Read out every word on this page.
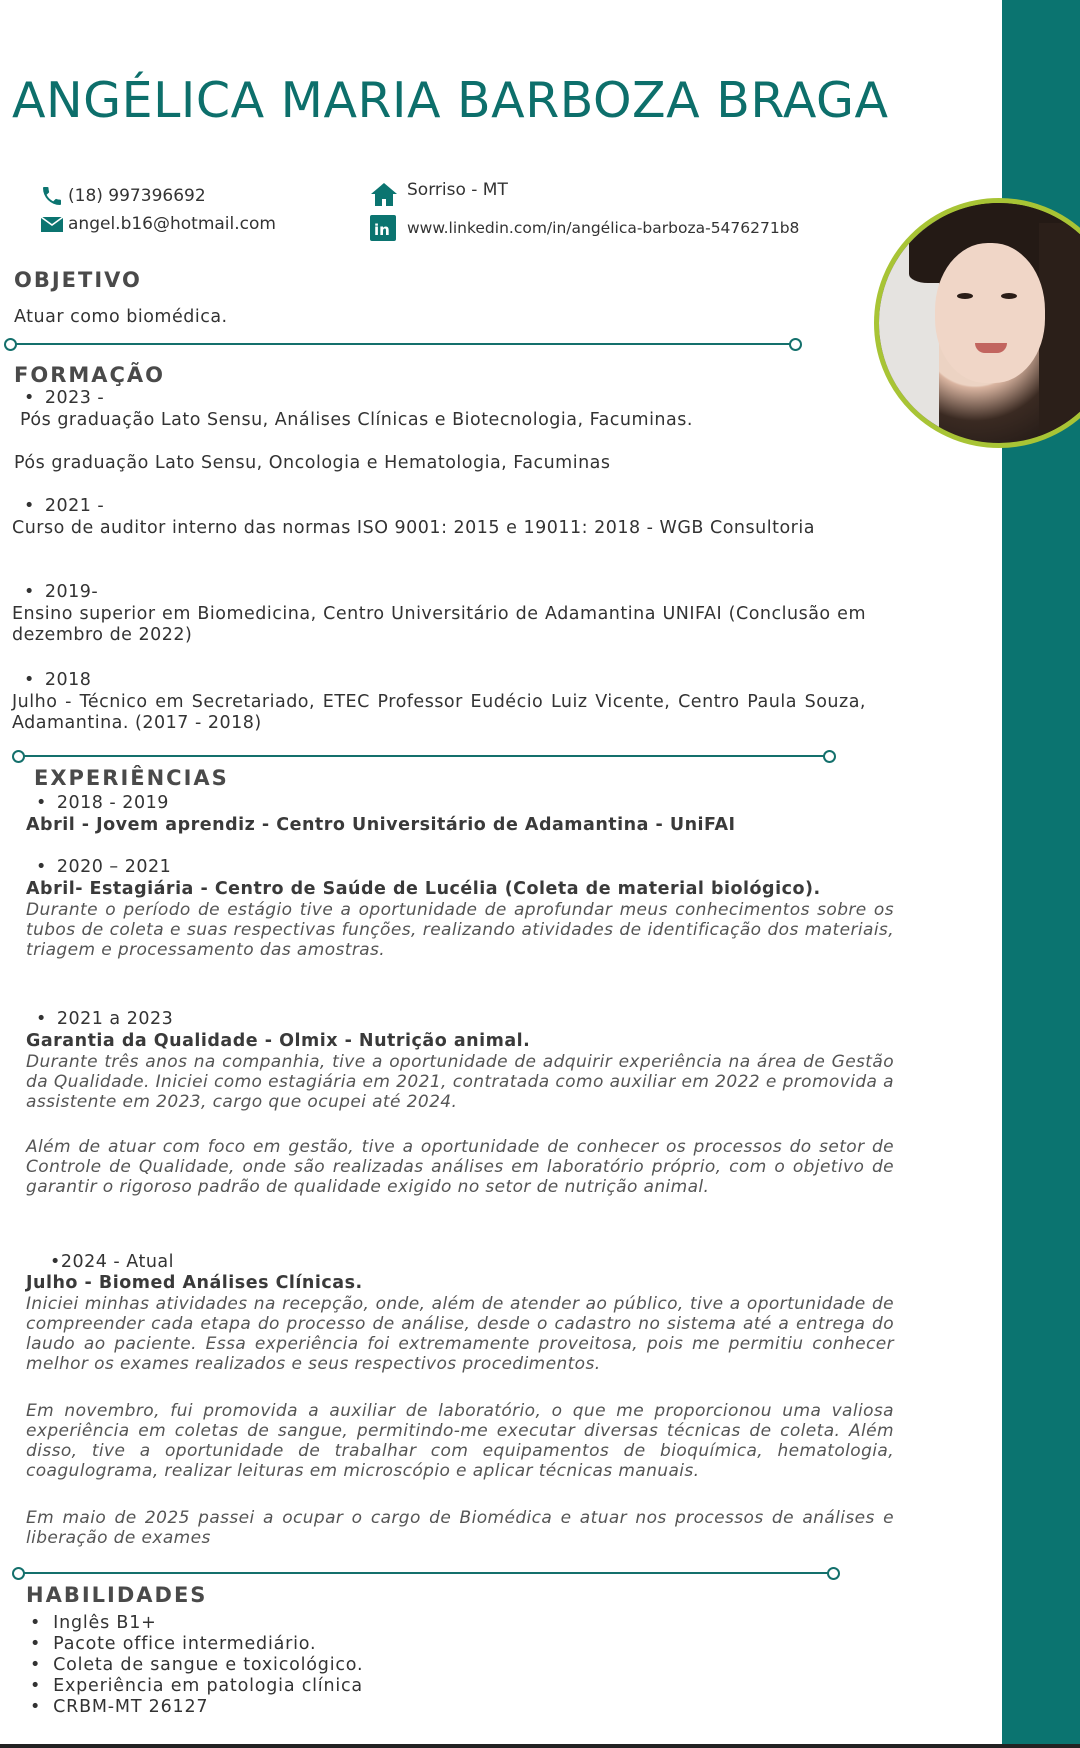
ANGÉLICA MARIA BARBOZA BRAGA
(18) 997396692
angel.b16@hotmail.com
Sorriso - MT
in www.linkedin.com/in/angélica-barboza-5476271b8
OBJETIVO

Atuar como biomédica.

FORMAÇÃO
• 2023 -

Pós graduação Lato Sensu, Análises Clínicas e Biotecnologia, Facuminas.

Pós graduação Lato Sensu, Oncologia e Hematologia, Facuminas

• 2021 -

Curso de auditor interno das normas ISO 9001: 2015 e 19011: 2018 - WGB Consultoria

• 2019-

Ensino superior em Biomedicina, Centro Universitário de Adamantina UNIFAI (Conclusão em dezembro de 2022)

• 2018

Julho - Técnico em Secretariado, ETEC Professor Eudécio Luiz Vicente, Centro Paula Souza, Adamantina. (2017 - 2018)

EXPERIÊNCIAS
• 2018 - 2019

Abril - Jovem aprendiz - Centro Universitário de Adamantina - UniFAI

• 2020 – 2021

Abril- Estagiária - Centro de Saúde de Lucélia (Coleta de material biológico).

Durante o período de estágio tive a oportunidade de aprofundar meus conhecimentos sobre os tubos de coleta e suas respectivas funções, realizando atividades de identificação dos materiais, triagem e processamento das amostras.

• 2021 a 2023

Garantia da Qualidade - Olmix - Nutrição animal.

Durante três anos na companhia, tive a oportunidade de adquirir experiência na área de Gestão da Qualidade. Iniciei como estagiária em 2021, contratada como auxiliar em 2022 e promovida a assistente em 2023, cargo que ocupei até 2024.

Além de atuar com foco em gestão, tive a oportunidade de conhecer os processos do setor de Controle de Qualidade, onde são realizadas análises em laboratório próprio, com o objetivo de garantir o rigoroso padrão de qualidade exigido no setor de nutrição animal.

•2024 - Atual

Julho - Biomed Análises Clínicas.

Iniciei minhas atividades na recepção, onde, além de atender ao público, tive a oportunidade de compreender cada etapa do processo de análise, desde o cadastro no sistema até a entrega do laudo ao paciente. Essa experiência foi extremamente proveitosa, pois me permitiu conhecer melhor os exames realizados e seus respectivos procedimentos.

Em novembro, fui promovida a auxiliar de laboratório, o que me proporcionou uma valiosa experiência em coletas de sangue, permitindo-me executar diversas técnicas de coleta. Além disso, tive a oportunidade de trabalhar com equipamentos de bioquímica, hematologia, coagulograma, realizar leituras em microscópio e aplicar técnicas manuais.

Em maio de 2025 passei a ocupar o cargo de Biomédica e atuar nos processos de análises e liberação de exames

HABILIDADES
• Inglês B1+
• Pacote office intermediário.
• Coleta de sangue e toxicológico.
• Experiência em patologia clínica
• CRBM-MT 26127
